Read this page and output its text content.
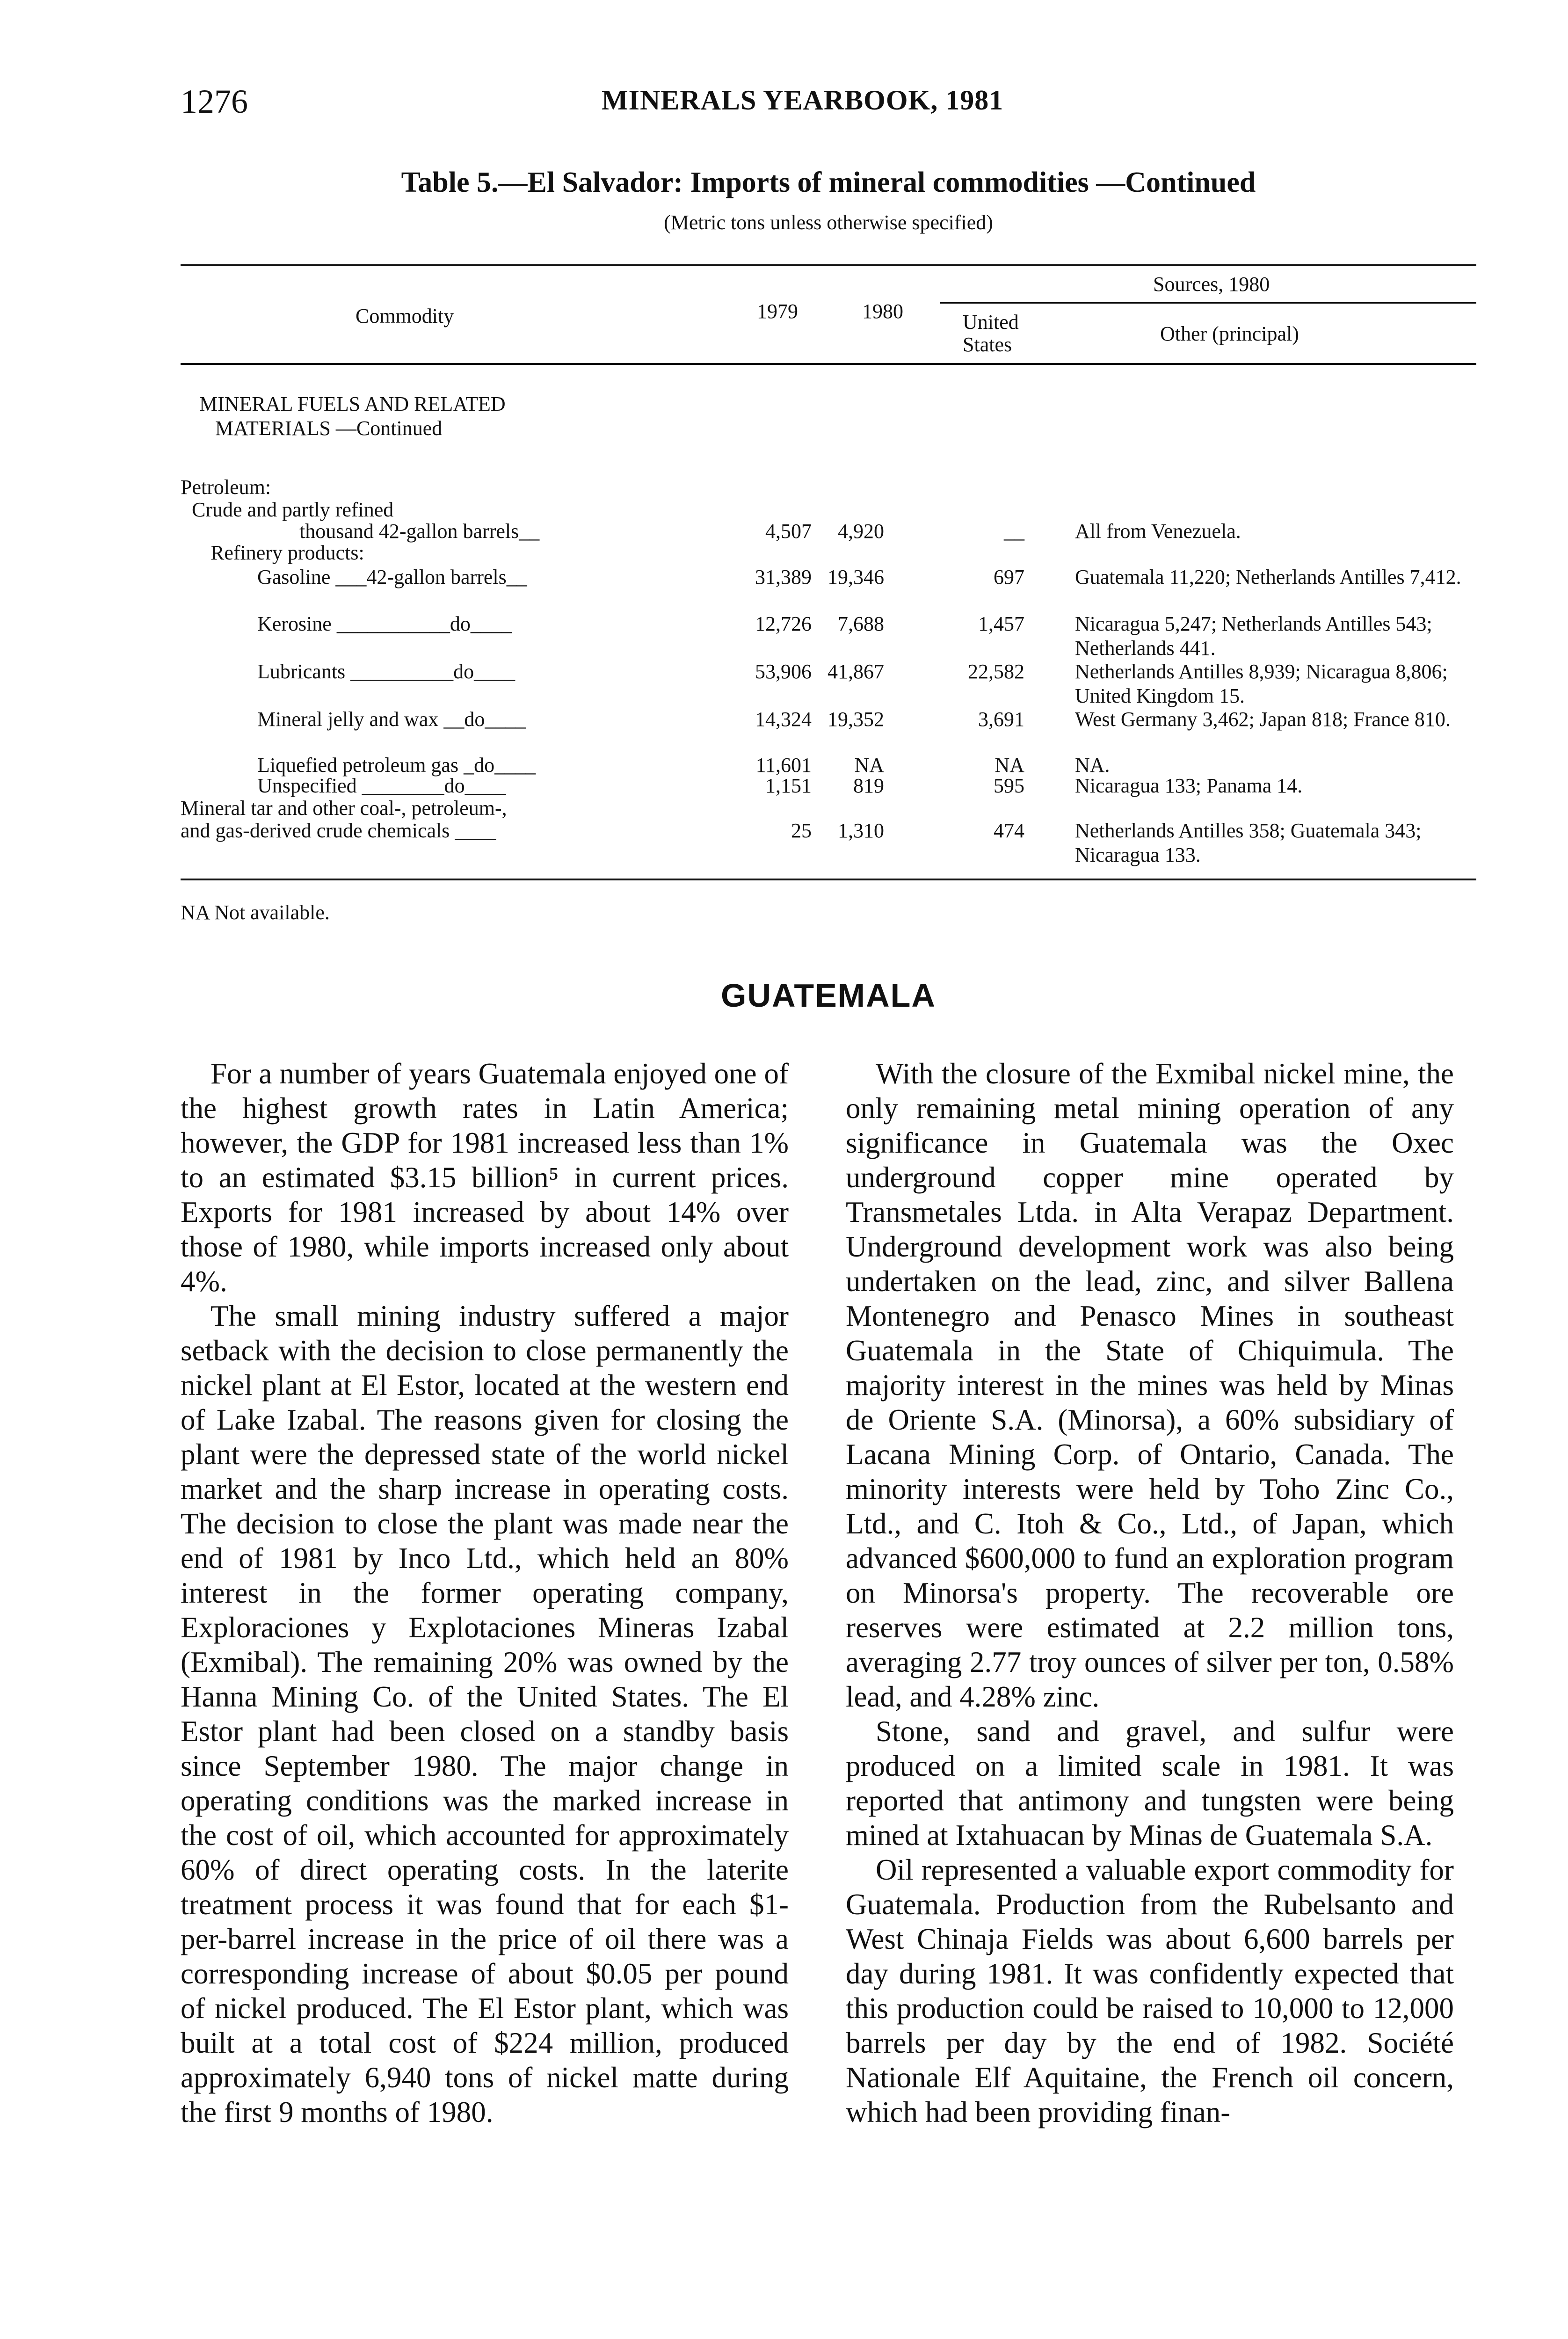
1276	MINERALS YEARBOOK, 1981
Table 5.—El Salvador: Imports of mineral commodities —Continued
(Metric tons unless otherwise specified)
Commodity	1979	1980
Sources, 1980
United
States	Other (principal)
MINERAL FUELS AND RELATED
MATERIALS —Continued
Petroleum:
Crude and partly refined
thousand 42-gallon barrels__	4,507	4,920	__ All from Venezuela.
Refinery products:
Gasoline ___42-gallon barrels__	31,389 19,346	697 Guatemala 11,220; Netherlands Antilles 7,412.
Kerosine ___________do____	12,726	7,688	1,457 Nicaragua 5,247; Netherlands Antilles 543; Netherlands 441.
Lubricants __________do____	53,906 41,867	22,582 Netherlands Antilles 8,939; Nicaragua 8,806; United Kingdom 15.
Mineral jelly and wax __do____	14,324 19,352	3,691 West Germany 3,462; Japan 818; France 810.
Liquefied petroleum gas _do____	11,601	NA	NA NA.
Unspecified ________do____	1,151	819	595 Nicaragua 133; Panama 14.
Mineral tar and other coal-, petroleum-,
and gas-derived crude chemicals ____	25	1,310	474 Netherlands Antilles 358; Guatemala 343; Nicaragua 133.
NA Not available.
GUATEMALA

For a number of years Guatemala enjoyed one of the highest growth rates in Latin America; however, the GDP for 1981 increased less than 1% to an estimated $3.15 billion⁵ in current prices. Exports for 1981 increased by about 14% over those of 1980, while imports increased only about 4%.

The small mining industry suffered a major setback with the decision to close permanently the nickel plant at El Estor, located at the western end of Lake Izabal. The reasons given for closing the plant were the depressed state of the world nickel market and the sharp increase in operating costs. The decision to close the plant was made near the end of 1981 by Inco Ltd., which held an 80% interest in the former operating company, Exploraciones y Explotaciones Mineras Izabal (Exmibal). The remaining 20% was owned by the Hanna Mining Co. of the United States. The El Estor plant had been closed on a standby basis since September 1980. The major change in operating conditions was the marked increase in the cost of oil, which accounted for approximately 60% of direct operating costs. In the laterite treatment process it was found that for each $1-per-barrel increase in the price of oil there was a corresponding increase of about $0.05 per pound of nickel produced. The El Estor plant, which was built at a total cost of $224 million, produced approximately 6,940 tons of nickel matte during the first 9 months of 1980.

With the closure of the Exmibal nickel mine, the only remaining metal mining operation of any significance in Guatemala was the Oxec underground copper mine operated by Transmetales Ltda. in Alta Verapaz Department. Underground development work was also being undertaken on the lead, zinc, and silver Ballena Montenegro and Penasco Mines in southeast Guatemala in the State of Chiquimula. The majority interest in the mines was held by Minas de Oriente S.A. (Minorsa), a 60% subsidiary of Lacana Mining Corp. of Ontario, Canada. The minority interests were held by Toho Zinc Co., Ltd., and C. Itoh & Co., Ltd., of Japan, which advanced $600,000 to fund an exploration program on Minorsa's property. The recoverable ore reserves were estimated at 2.2 million tons, averaging 2.77 troy ounces of silver per ton, 0.58% lead, and 4.28% zinc.

Stone, sand and gravel, and sulfur were produced on a limited scale in 1981. It was reported that antimony and tungsten were being mined at Ixtahuacan by Minas de Guatemala S.A.

Oil represented a valuable export commodity for Guatemala. Production from the Rubelsanto and West Chinaja Fields was about 6,600 barrels per day during 1981. It was confidently expected that this production could be raised to 10,000 to 12,000 barrels per day by the end of 1982. Société Nationale Elf Aquitaine, the French oil concern, which had been providing finan-
